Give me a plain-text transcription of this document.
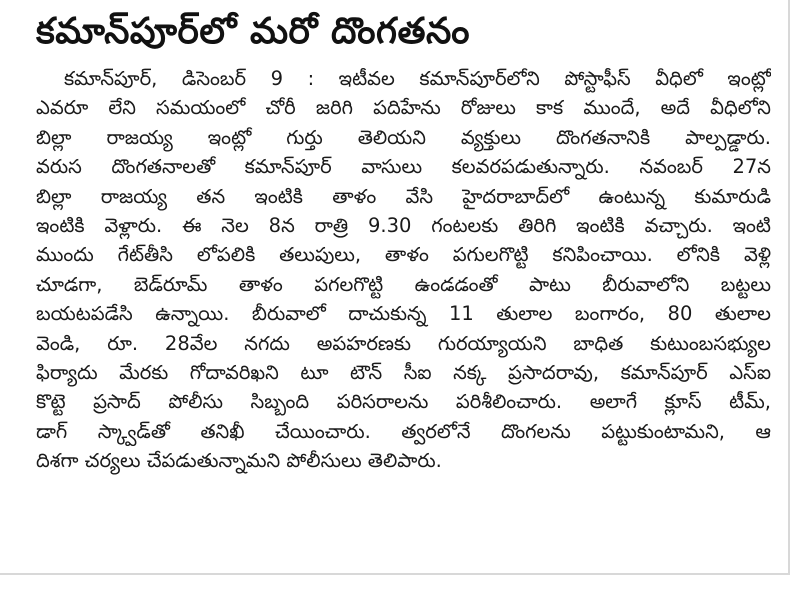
కమాన్‌పూర్‌లో మరో దొంగతనం
కమాన్‌పూర్, డిసెంబర్ 9 : ఇటీవల కమాన్‌పూర్‌లోని పోస్టాఫీస్ వీధిలో ఇంట్లో
ఎవరూ లేని సమయంలో చోరీ జరిగి పదిహేను రోజులు కాక ముందే, అదే వీధిలోని
బిల్లా రాజయ్య ఇంట్లో గుర్తు తెలియని వ్యక్తులు దొంగతనానికి పాల్పడ్డారు.
వరుస దొంగతనాలతో కమాన్‌పూర్ వాసులు కలవరపడుతున్నారు. నవంబర్ 27న
బిల్లా రాజయ్య తన ఇంటికి తాళం వేసి హైదరాబాద్‌లో ఉంటున్న కుమారుడి
ఇంటికి వెళ్లారు. ఈ నెల 8న రాత్రి 9.30 గంటలకు తిరిగి ఇంటికి వచ్చారు. ఇంటి
ముందు గేట్‌తీసి లోపలికి తలుపులు, తాళం పగులగొట్టి కనిపించాయి. లోనికి వెళ్లి
చూడగా, బెడ్‌రూమ్ తాళం పగలగొట్టి ఉండడంతో పాటు బీరువాలోని బట్టలు
బయటపడేసి ఉన్నాయి. బీరువాలో దాచుకున్న 11 తులాల బంగారం, 80 తులాల
వెండి, రూ. 28వేల నగదు అపహరణకు గురయ్యాయని బాధిత కుటుంబసభ్యుల
ఫిర్యాదు మేరకు గోదావరిఖని టూ టౌన్ సీఐ నక్క ప్రసాదరావు, కమాన్‌పూర్ ఎస్ఐ
కొట్టె ప్రసాద్ పోలీసు సిబ్బంది పరిసరాలను పరిశీలించారు. అలాగే క్లూస్ టీమ్,
డాగ్ స్క్వాడ్‌తో తనిఖీ చేయించారు. త్వరలోనే దొంగలను పట్టుకుంటామని, ఆ
దిశగా చర్యలు చేపడుతున్నామని పోలీసులు తెలిపారు.
